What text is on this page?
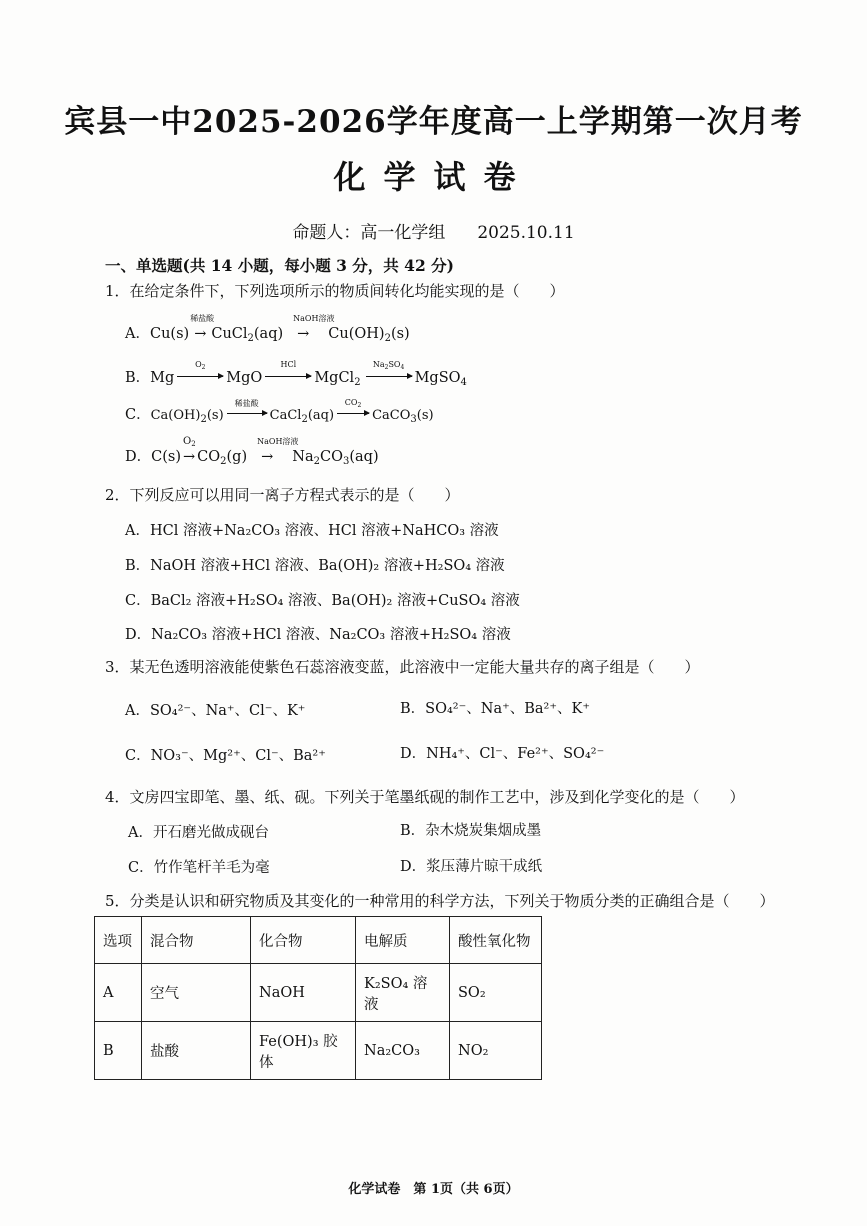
宾县一中2025-2026学年度高一上学期第一次月考
化学试卷
命题人：高一化学组 2025.10.11
一、单选题(共 14 小题，每小题 3 分，共 42 分)
1．在给定条件下，下列选项所示的物质间转化均能实现的是（　　）
A．Cu(s)
稀盐酸
→ CuCl$_2$(aq)
NaOH溶液
→ $Cu(OH)_2(s)$
B．Mg
$O_2$
MgO
HCl
MgCl$_2$
$Na_2SO_4$
MgSO$_4$
C．$Ca(OH)_2(s)$
稀盐酸
CaCl$_2$(aq)
$CO_2$
CaCO$_3$(s)
D．C(s)
$O_2$
→ $CO_2(g)$
NaOH溶液
→ $Na_2CO_3(aq)$
2．下列反应可以用同一离子方程式表示的是（　　）
A．HCl 溶液+Na₂CO₃ 溶液、HCl 溶液+NaHCO₃ 溶液
B．NaOH 溶液+HCl 溶液、Ba(OH)₂ 溶液+H₂SO₄ 溶液
C．BaCl₂ 溶液+H₂SO₄ 溶液、Ba(OH)₂ 溶液+CuSO₄ 溶液
D．Na₂CO₃ 溶液+HCl 溶液、Na₂CO₃ 溶液+H₂SO₄ 溶液
3．某无色透明溶液能使紫色石蕊溶液变蓝，此溶液中一定能大量共存的离子组是（　　）
A．SO₄²⁻、Na⁺、Cl⁻、K⁺	B．SO₄²⁻、Na⁺、Ba²⁺、K⁺
C．NO₃⁻、Mg²⁺、Cl⁻、Ba²⁺	D．NH₄⁺、Cl⁻、Fe²⁺、SO₄²⁻
4．文房四宝即笔、墨、纸、砚。下列关于笔墨纸砚的制作工艺中，涉及到化学变化的是（　　）
A．开石磨光做成砚台	B．杂木烧炭集烟成墨
C．竹作笔杆羊毛为毫	D．浆压薄片晾干成纸
5．分类是认识和研究物质及其变化的一种常用的科学方法，下列关于物质分类的正确组合是（　　）
选项	混合物	化合物	电解质	酸性氧化物
A	空气	NaOH	K₂SO₄ 溶液	SO₂
B	盐酸	Fe(OH)₃ 胶体	Na₂CO₃	NO₂
化学试卷　第 1页（共 6页）
